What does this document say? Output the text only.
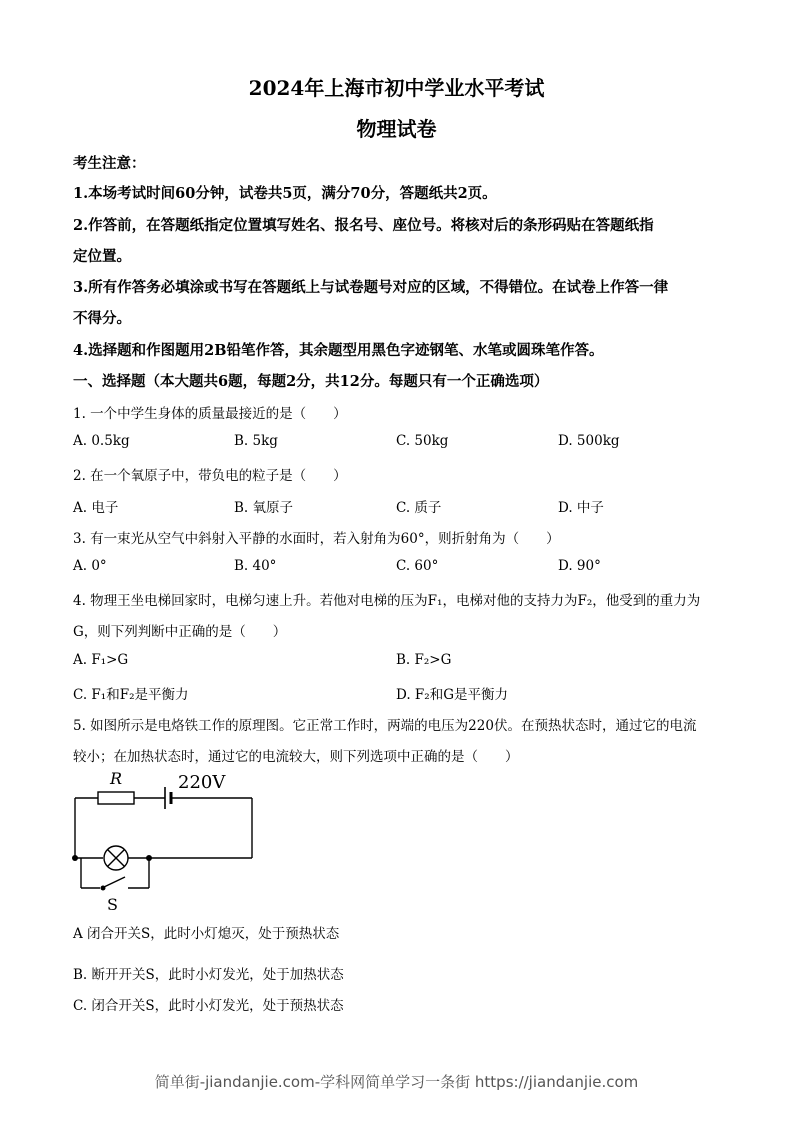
2024年上海市初中学业水平考试
物理试卷
考生注意：
1.本场考试时间60分钟，试卷共5页，满分70分，答题纸共2页。
2.作答前，在答题纸指定位置填写姓名、报名号、座位号。将核对后的条形码贴在答题纸指
定位置。
3.所有作答务必填涂或书写在答题纸上与试卷题号对应的区域，不得错位。在试卷上作答一律
不得分。
4.选择题和作图题用2B铅笔作答，其余题型用黑色字迹钢笔、水笔或圆珠笔作答。
一、选择题（本大题共6题，每题2分，共12分。每题只有一个正确选项）
1. 一个中学生身体的质量最接近的是（　　）
A. 0.5kg	B. 5kg	C. 50kg	D. 500kg
2. 在一个氧原子中，带负电的粒子是（　　）
A. 电子	B. 氧原子	C. 质子	D. 中子
3. 有一束光从空气中斜射入平静的水面时，若入射角为60°，则折射角为（　　）
A. 0°	B. 40°	C. 60°	D. 90°
4. 物理王坐电梯回家时，电梯匀速上升。若他对电梯的压为F₁，电梯对他的支持力为F₂，他受到的重力为
G，则下列判断中正确的是（　　）
A. F₁>G	B. F₂>G
C. F₁和F₂是平衡力	D. F₂和G是平衡力
5. 如图所示是电烙铁工作的原理图。它正常工作时，两端的电压为220伏。在预热状态时，通过它的电流
较小；在加热状态时，通过它的电流较大，则下列选项中正确的是（　　）
R	220V
S
A 闭合开关S，此时小灯熄灭，处于预热状态
B. 断开开关S，此时小灯发光，处于加热状态
C. 闭合开关S，此时小灯发光，处于预热状态
简单街-jiandanjie.com-学科网简单学习一条街 https://jiandanjie.com
